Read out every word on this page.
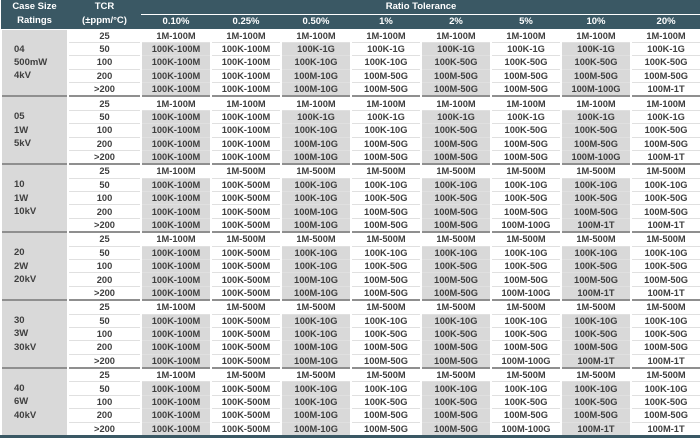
Case Size
Ratings	TCR
(±ppm/°C)	Ratio Tolerance							
		0.10%	0.25%	0.50%	1%	2%	5%	10%	20%

04
500mW
4kV	25	1M-100M	1M-100M	1M-100M	1M-100M	1M-100M	1M-100M	1M-100M	1M-100M
	50	100K-100M	100K-100M	100K-1G	100K-1G	100K-1G	100K-1G	100K-1G	100K-1G
	100	100K-100M	100K-100M	100K-10G	100K-10G	100K-50G	100K-50G	100K-50G	100K-50G
	200	100K-100M	100K-100M	100M-10G	100M-50G	100M-50G	100M-50G	100M-50G	100M-50G
	>200	100K-100M	100K-100M	100M-10G	100M-50G	100M-50G	100M-50G	100M-100G	100M-1T

05
1W
5kV	25	1M-100M	1M-100M	1M-100M	1M-100M	1M-100M	1M-100M	1M-100M	1M-100M
	50	100K-100M	100K-100M	100K-1G	100K-1G	100K-1G	100K-1G	100K-1G	100K-1G
	100	100K-100M	100K-100M	100K-10G	100K-10G	100K-50G	100K-50G	100K-50G	100K-50G
	200	100K-100M	100K-100M	100M-10G	100M-50G	100M-50G	100M-50G	100M-50G	100M-50G
	>200	100K-100M	100K-100M	100M-10G	100M-50G	100M-50G	100M-50G	100M-100G	100M-1T

10
1W
10kV	25	1M-100M	1M-500M	1M-500M	1M-500M	1M-500M	1M-500M	1M-500M	1M-500M
	50	100K-100M	100K-500M	100K-10G	100K-10G	100K-10G	100K-10G	100K-10G	100K-10G
	100	100K-100M	100K-500M	100K-10G	100K-50G	100K-50G	100K-50G	100K-50G	100K-50G
	200	100K-100M	100K-500M	100M-10G	100M-50G	100M-50G	100M-50G	100M-50G	100M-50G
	>200	100K-100M	100K-500M	100M-10G	100M-50G	100M-50G	100M-100G	100M-1T	100M-1T

20
2W
20kV	25	1M-100M	1M-500M	1M-500M	1M-500M	1M-500M	1M-500M	1M-500M	1M-500M
	50	100K-100M	100K-500M	100K-10G	100K-10G	100K-10G	100K-10G	100K-10G	100K-10G
	100	100K-100M	100K-500M	100K-10G	100K-50G	100K-50G	100K-50G	100K-50G	100K-50G
	200	100K-100M	100K-500M	100M-10G	100M-50G	100M-50G	100M-50G	100M-50G	100M-50G
	>200	100K-100M	100K-500M	100M-10G	100M-50G	100M-50G	100M-100G	100M-1T	100M-1T

30
3W
30kV	25	1M-100M	1M-500M	1M-500M	1M-500M	1M-500M	1M-500M	1M-500M	1M-500M
	50	100K-100M	100K-500M	100K-10G	100K-10G	100K-10G	100K-10G	100K-10G	100K-10G
	100	100K-100M	100K-500M	100K-10G	100K-50G	100K-50G	100K-50G	100K-50G	100K-50G
	200	100K-100M	100K-500M	100M-10G	100M-50G	100M-50G	100M-50G	100M-50G	100M-50G
	>200	100K-100M	100K-500M	100M-10G	100M-50G	100M-50G	100M-100G	100M-1T	100M-1T

40
6W
40kV	25	1M-100M	1M-500M	1M-500M	1M-500M	1M-500M	1M-500M	1M-500M	1M-500M
	50	100K-100M	100K-500M	100K-10G	100K-10G	100K-10G	100K-10G	100K-10G	100K-10G
	100	100K-100M	100K-500M	100K-10G	100K-50G	100K-50G	100K-50G	100K-50G	100K-50G
	200	100K-100M	100K-500M	100M-10G	100M-50G	100M-50G	100M-50G	100M-50G	100M-50G
	>200	100K-100M	100K-500M	100M-10G	100M-50G	100M-50G	100M-100G	100M-1T	100M-1T
